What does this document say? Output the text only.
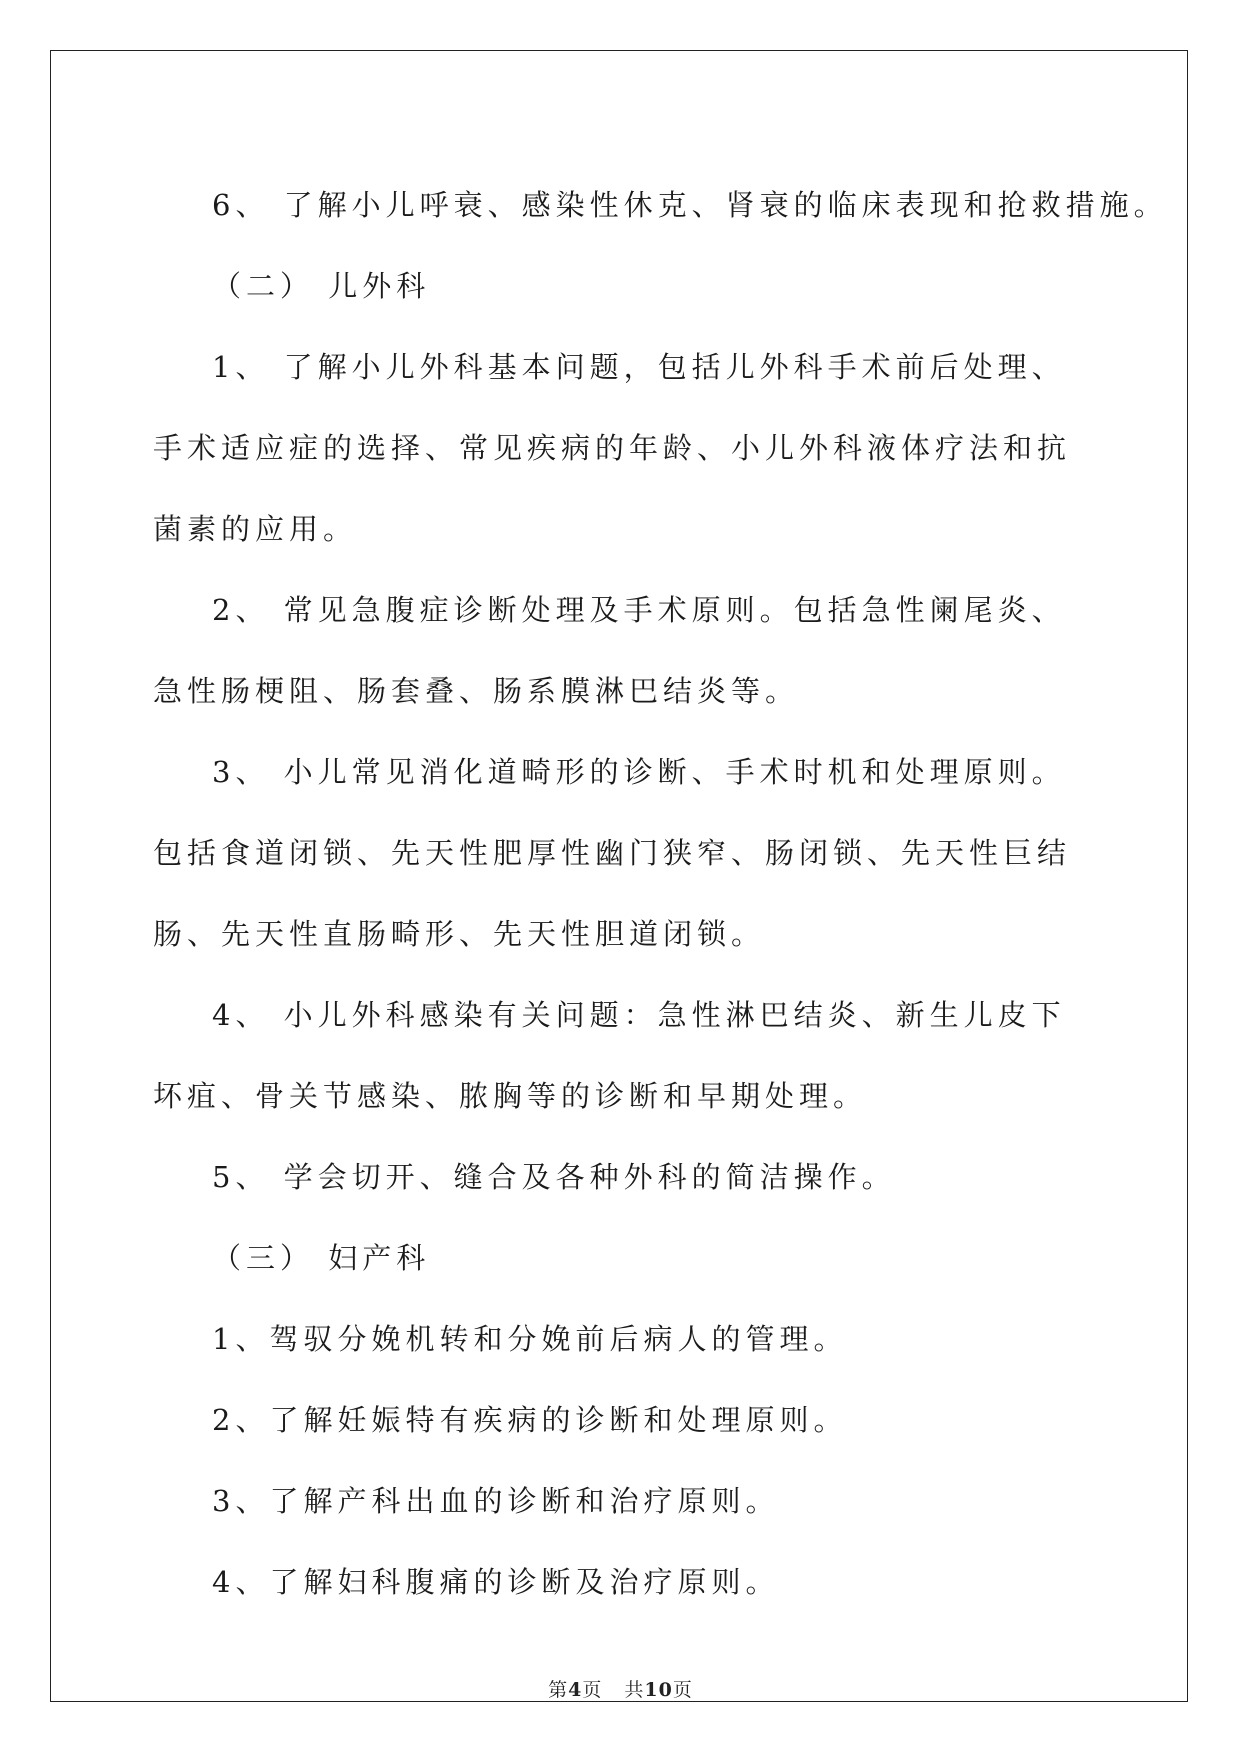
6、 了解小儿呼衰、感染性休克、肾衰的临床表现和抢救措施。

（二） 儿外科

1、 了解小儿外科基本问题，包括儿外科手术前后处理、手术适应症的选择、常见疾病的年龄、小儿外科液体疗法和抗菌素的应用。

2、 常见急腹症诊断处理及手术原则。包括急性阑尾炎、急性肠梗阻、肠套叠、肠系膜淋巴结炎等。

3、 小儿常见消化道畸形的诊断、手术时机和处理原则。包括食道闭锁、先天性肥厚性幽门狭窄、肠闭锁、先天性巨结肠、先天性直肠畸形、先天性胆道闭锁。

4、 小儿外科感染有关问题：急性淋巴结炎、新生儿皮下坏疽、骨关节感染、脓胸等的诊断和早期处理。

5、 学会切开、缝合及各种外科的简洁操作。

（三） 妇产科

1、驾驭分娩机转和分娩前后病人的管理。

2、了解妊娠特有疾病的诊断和处理原则。

3、了解产科出血的诊断和治疗原则。

4、了解妇科腹痛的诊断及治疗原则。

第4页 共10页
